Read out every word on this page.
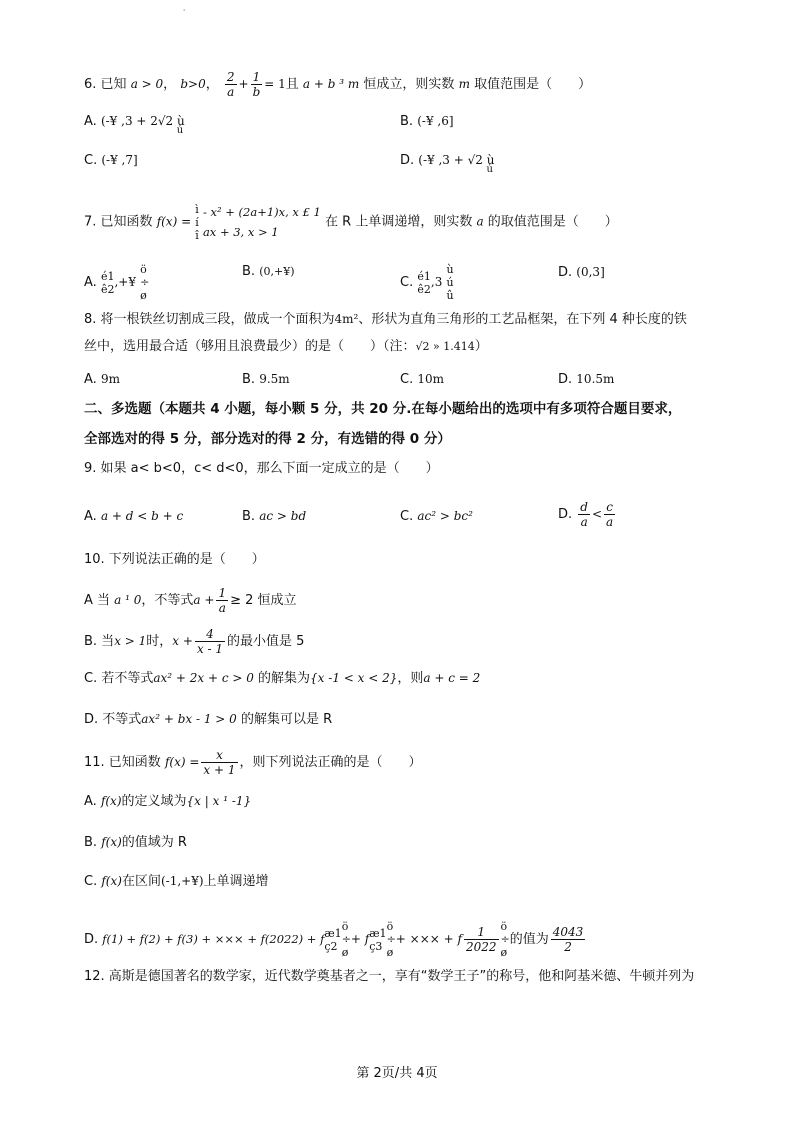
'
6. 已知 a > 0， b>0， $\frac{2}{a} + \frac{1}{b} = 1$且 a + b ³ m 恒成立，则实数 m 取值范围是（　　）
A. (-¥ ,3 + 2√2 $ù_ú$
B. (-¥ ,6]
C. (-¥ ,7]	D. (-¥ ,3 + √2 $ù_ú$
7. 已知函数 f(x) =
ì
í
î

- x² + (2a+1)x, x £ 1
ax + 3, x > 1
在 R 上单调递增，则实数 a 的取值范围是（　　）
A. é1
ê2 ,+¥
ö
÷
ø
B. (0,+¥)
C. é1
ê2 ,3
ù
ú
û
D. (0,3]
8. 将一根铁丝切割成三段，做成一个面积为4m²、形状为直角三角形的工艺品框架，在下列 4 种长度的铁
丝中，选用最合适（够用且浪费最少）的是（　　）（注：√2 » 1.414）
A. 9m	B. 9.5m	C. 10m	D. 10.5m
二、多选题（本题共 4 小题，每小颗 5 分，共 20 分.在每小题给出的选项中有多项符合题目要求，
全部选对的得 5 分，部分选对的得 2 分，有选错的得 0 分）
9. 如果 a< b<0，c< d<0，那么下面一定成立的是（　　）
A. a + d < b + c	B. ac > bd	C. ac² > bc²	D. $\frac{d}{a} < \frac{c}{a}$
10. 下列说法正确的是（　　）
A 当 a ¹ 0，不等式$a + \frac{1}{a} \ge 2$ 恒成立
B. 当x > 1时，$x + \frac{4}{x - 1}$ 的最小值是 5
C. 若不等式ax² + 2x + c > 0 的解集为{x -1 < x < 2}，则a + c = 2
D. 不等式ax² + bx - 1 > 0 的解集可以是 R
11. 已知函数 $f(x) = \frac{x}{x + 1}$ ，则下列说法正确的是（　　）
A. f(x)的定义域为{x | x ¹ -1}
B. f(x)的值域为 R
C. f(x)在区间(-1,+¥)上单调递增
D. f(1) + f(2) + f(3) + ××× + f(2022) + f æ1
ç2
ö
÷
ø
+ f æ1
ç3
ö
÷
ø
+ ××× + f $\frac{1}{2022}$ ö
÷
ø
的值为 $\frac{4043}{2}$
12. 高斯是德国著名的数学家，近代数学奠基者之一，享有“数学王子”的称号，他和阿基米德、牛顿并列为
第 2页/共 4页
